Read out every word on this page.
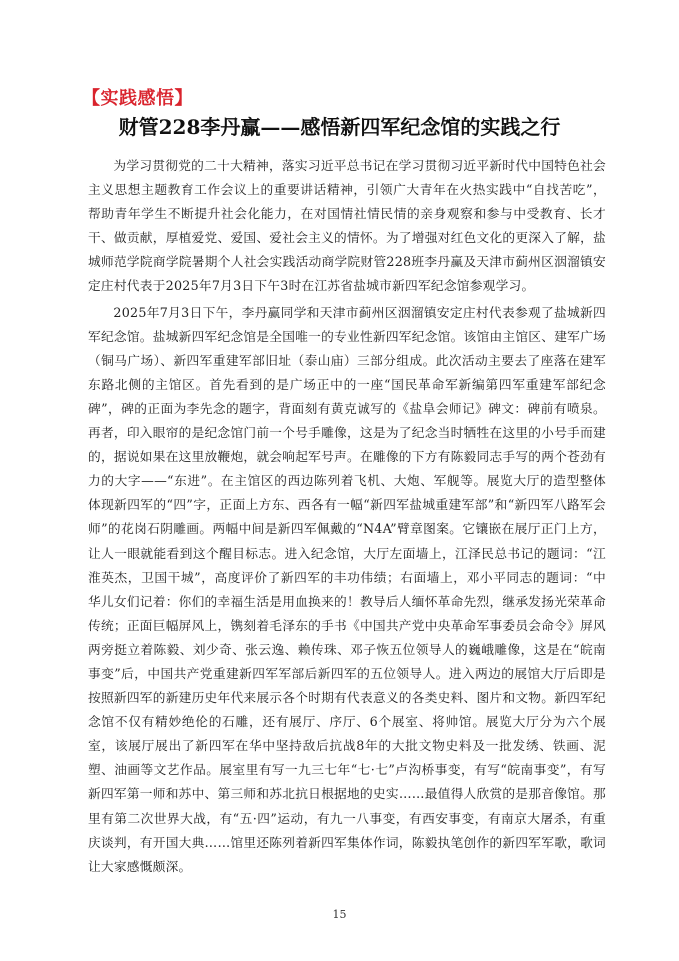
【实践感悟】
财管228李丹赢——感悟新四军纪念馆的实践之行

为学习贯彻党的二十大精神，落实习近平总书记在学习贯彻习近平新时代中国特色社会主义思想主题教育工作会议上的重要讲话精神，引领广大青年在火热实践中“自找苦吃”，帮助青年学生不断提升社会化能力，在对国情社情民情的亲身观察和参与中受教育、长才干、做贡献，厚植爱党、爱国、爱社会主义的情怀。为了增强对红色文化的更深入了解，盐城师范学院商学院暑期个人社会实践活动商学院财管228班李丹赢及天津市蓟州区洇溜镇安定庄村代表于2025年7月3日下午3时在江苏省盐城市新四军纪念馆参观学习。

2025年7月3日下午，李丹赢同学和天津市蓟州区洇溜镇安定庄村代表参观了盐城新四军纪念馆。盐城新四军纪念馆是全国唯一的专业性新四军纪念馆。该馆由主馆区、建军广场（铜马广场）、新四军重建军部旧址（泰山庙）三部分组成。此次活动主要去了座落在建军东路北侧的主馆区。首先看到的是广场正中的一座“国民革命军新编第四军重建军部纪念碑”，碑的正面为李先念的题字，背面刻有黄克诚写的《盐阜会师记》碑文：碑前有喷泉。再者，印入眼帘的是纪念馆门前一个号手雕像，这是为了纪念当时牺牲在这里的小号手而建的，据说如果在这里放鞭炮，就会响起军号声。在雕像的下方有陈毅同志手写的两个苍劲有力的大字——“东进”。在主馆区的西边陈列着飞机、大炮、军舰等。展览大厅的造型整体体现新四军的“四”字，正面上方东、西各有一幅“新四军盐城重建军部”和“新四军八路军会师”的花岗石阴雕画。两幅中间是新四军佩戴的“N4A”臂章图案。它镶嵌在展厅正门上方，让人一眼就能看到这个醒目标志。进入纪念馆，大厅左面墙上，江泽民总书记的题词：“江淮英杰，卫国干城”，高度评价了新四军的丰功伟绩；右面墙上，邓小平同志的题词：“中华儿女们记着：你们的幸福生活是用血换来的！教导后人缅怀革命先烈，继承发扬光荣革命传统；正面巨幅屏风上，镌刻着毛泽东的手书《中国共产党中央革命军事委员会命令》屏风两旁挺立着陈毅、刘少奇、张云逸、赖传珠、邓子恢五位领导人的巍峨雕像，这是在“皖南事变”后，中国共产党重建新四军军部后新四军的五位领导人。进入两边的展馆大厅后即是按照新四军的新建历史年代来展示各个时期有代表意义的各类史料、图片和文物。新四军纪念馆不仅有精妙绝伦的石雕，还有展厅、序厅、6个展室、将帅馆。展览大厅分为六个展室，该展厅展出了新四军在华中坚持敌后抗战8年的大批文物史料及一批发绣、铁画、泥塑、油画等文艺作品。展室里有写一九三七年“七·七”卢沟桥事变，有写“皖南事变”，有写新四军第一师和苏中、第三师和苏北抗日根据地的史实……最值得人欣赏的是那音像馆。那里有第二次世界大战，有“五·四”运动，有九一八事变，有西安事变，有南京大屠杀，有重庆谈判，有开国大典……馆里还陈列着新四军集体作词，陈毅执笔创作的新四军军歌，歌词让大家感慨颇深。

15
